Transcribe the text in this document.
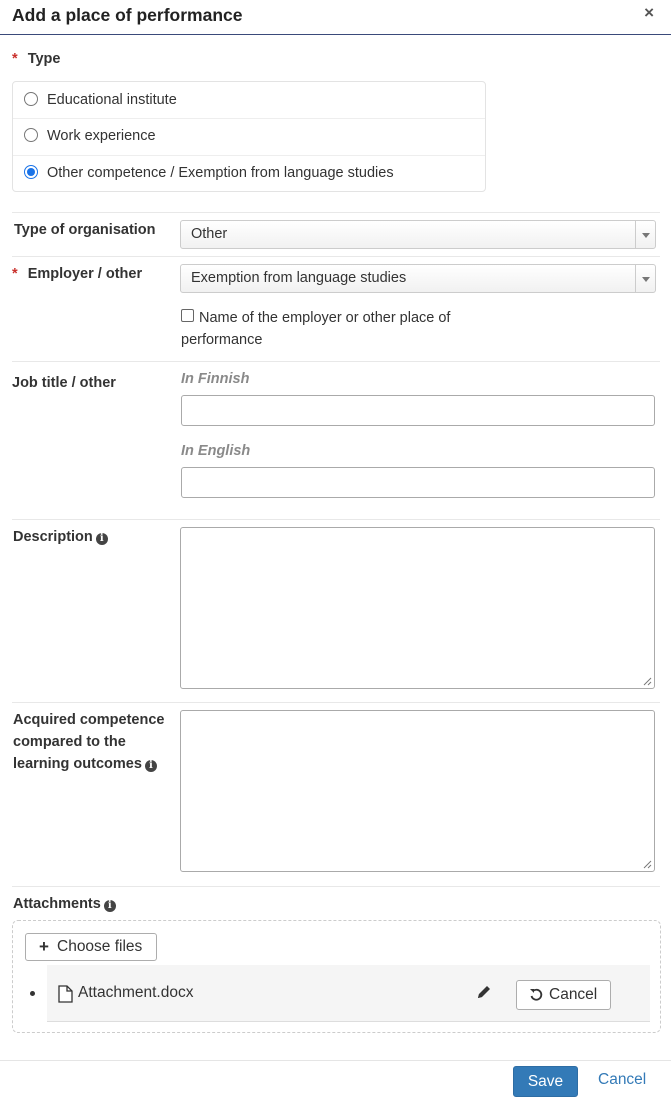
Add a place of performance	×
* Type
Educational institute
Work experience
Other competence / Exemption from language studies
Type of organisation Other
* Employer / other	Exemption from language studies
Name of the employer or other place of performance
Job title / other	In Finnish
In English
Description i
Acquired competence compared to the learning outcomes i
Attachments i
+ Choose files
Attachment.docx	Cancel
Save	Cancel
